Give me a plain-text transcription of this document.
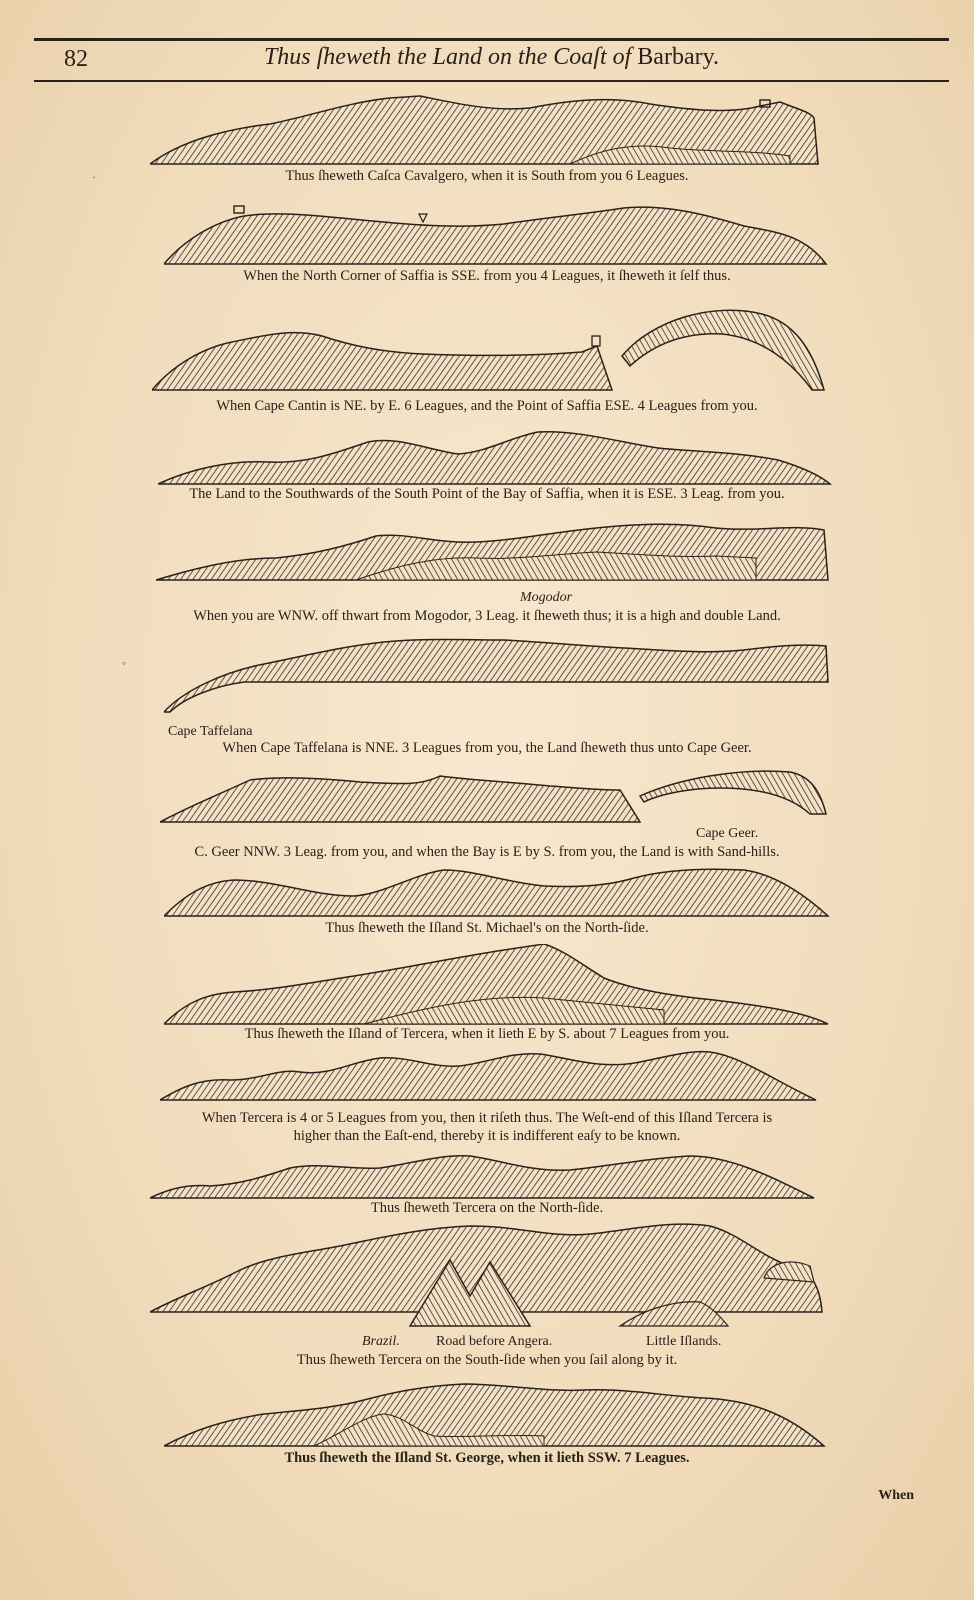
82	Thus ſheweth the Land on the Coaſt of Barbary.
Thus ſheweth Caſca Cavalgero, when it is South from you 6 Leagues.
When the North Corner of Saffia is SSE. from you 4 Leagues, it ſheweth it ſelf thus.
When Cape Cantin is NE. by E. 6 Leagues, and the Point of Saffia ESE. 4 Leagues from you.
The Land to the Southwards of the South Point of the Bay of Saffia, when it is ESE. 3 Leag. from you.
Mogodor
When you are WNW. off thwart from Mogodor, 3 Leag. it ſheweth thus; it is a high and double Land.
Cape Taffelana
When Cape Taffelana is NNE. 3 Leagues from you, the Land ſheweth thus unto Cape Geer.
Cape Geer.
C. Geer NNW. 3 Leag. from you, and when the Bay is E by S. from you, the Land is with Sand-hills.
Thus ſheweth the Iſland St. Michael's on the North-ſide.
Thus ſheweth the Iſland of Tercera, when it lieth E by S. about 7 Leagues from you.
When Tercera is 4 or 5 Leagues from you, then it riſeth thus. The Weſt-end of this Iſland Tercera is
higher than the Eaſt-end, thereby it is indifferent eaſy to be known.
Thus ſheweth Tercera on the North-ſide.
Brazil.	Road before Angera.	Little Iſlands.
Thus ſheweth Tercera on the South-ſide when you ſail along by it.
Thus ſheweth the Iſland St. George, when it lieth SSW. 7 Leagues.
When
·
◦
